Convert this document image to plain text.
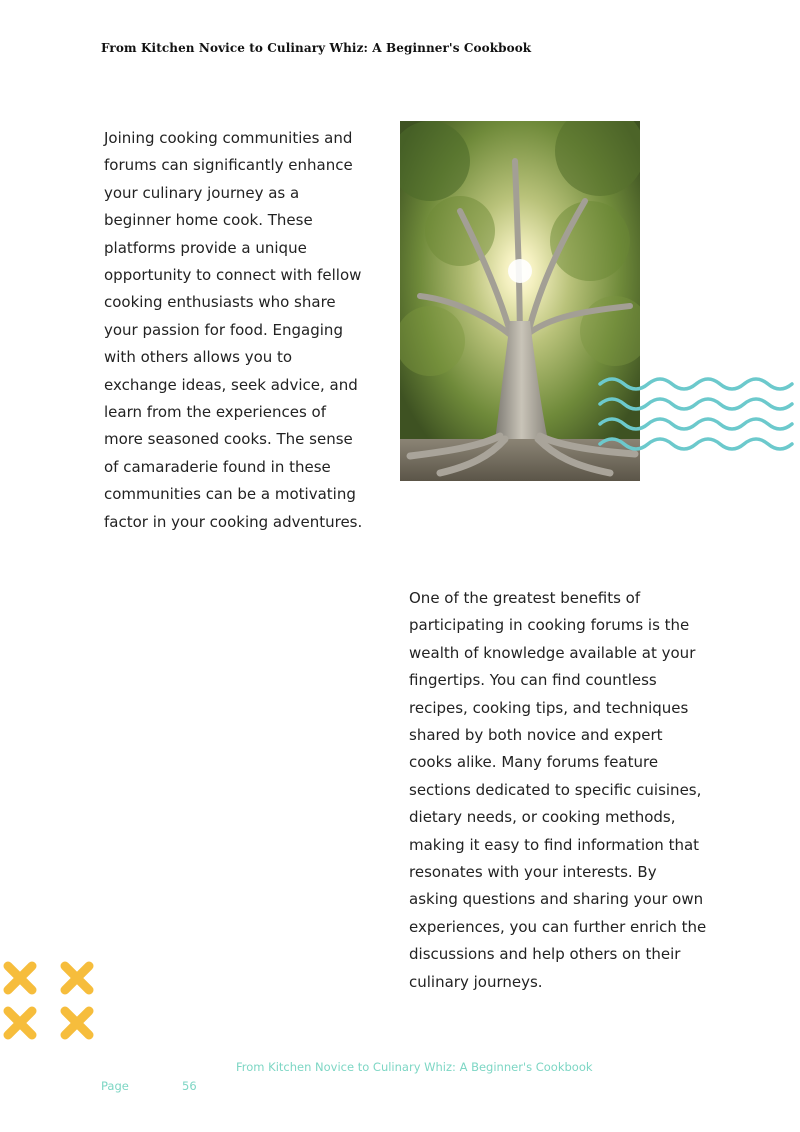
From Kitchen Novice to Culinary Whiz: A Beginner's Cookbook
Joining cooking communities and forums can significantly enhance your culinary journey as a beginner home cook. These platforms provide a unique opportunity to connect with fellow cooking enthusiasts who share your passion for food. Engaging with others allows you to exchange ideas, seek advice, and learn from the experiences of more seasoned cooks. The sense of camaraderie found in these communities can be a motivating factor in your cooking adventures.
One of the greatest benefits of participating in cooking forums is the wealth of knowledge available at your fingertips. You can find countless recipes, cooking tips, and techniques shared by both novice and expert cooks alike. Many forums feature sections dedicated to specific cuisines, dietary needs, or cooking methods, making it easy to find information that resonates with your interests. By asking questions and sharing your own experiences, you can further enrich the discussions and help others on their culinary journeys.
From Kitchen Novice to Culinary Whiz: A Beginner's Cookbook
Page	56
